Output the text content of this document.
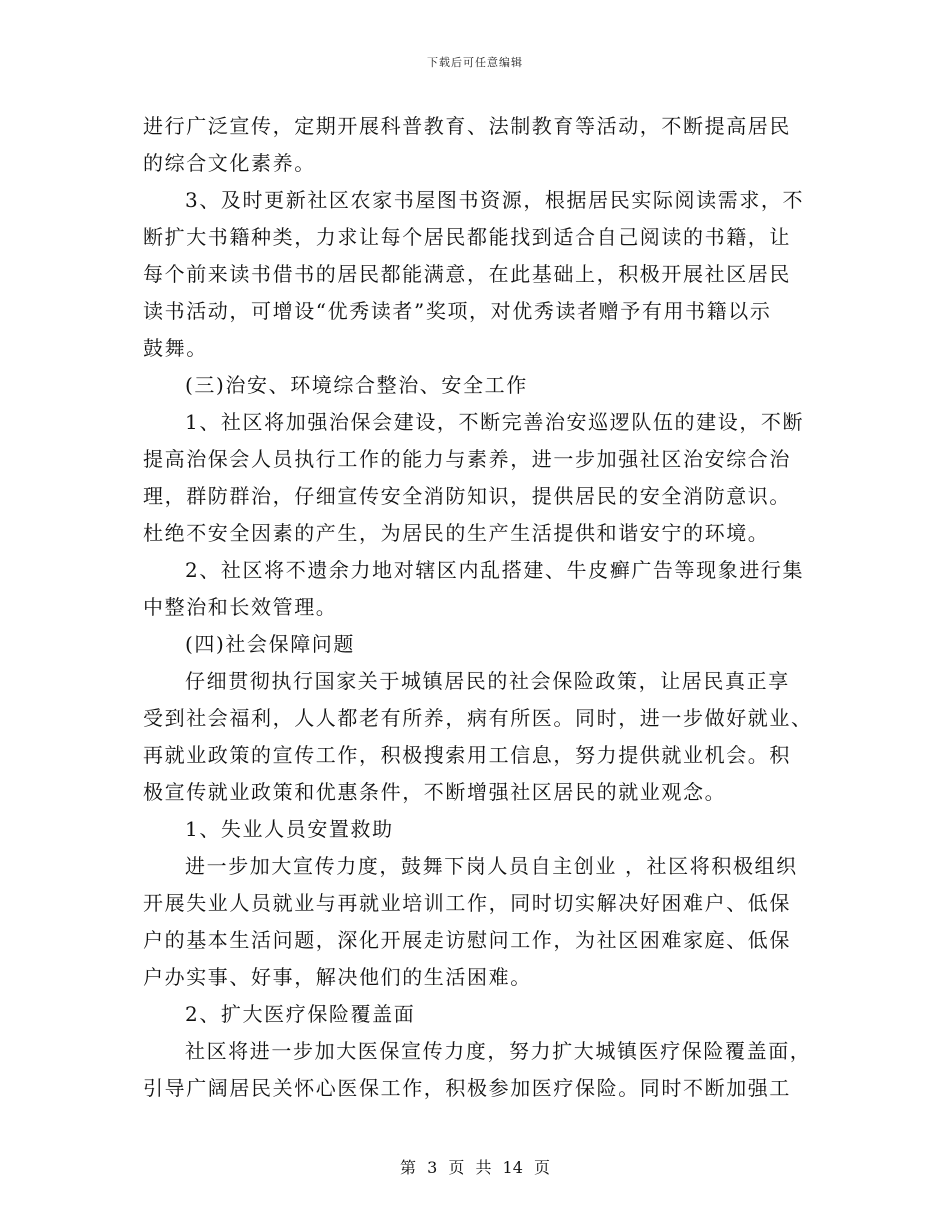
下载后可任意编辑
进行广泛宣传，定期开展科普教育、法制教育等活动，不断提高居民
的综合文化素养。
3、及时更新社区农家书屋图书资源，根据居民实际阅读需求，不
断扩大书籍种类，力求让每个居民都能找到适合自己阅读的书籍，让
每个前来读书借书的居民都能满意，在此基础上，积极开展社区居民
读书活动，可增设“优秀读者”奖项，对优秀读者赠予有用书籍以示
鼓舞。
(三)治安、环境综合整治、安全工作
1、社区将加强治保会建设，不断完善治安巡逻队伍的建设，不断
提高治保会人员执行工作的能力与素养，进一步加强社区治安综合治
理，群防群治，仔细宣传安全消防知识，提供居民的安全消防意识。
杜绝不安全因素的产生，为居民的生产生活提供和谐安宁的环境。
2、社区将不遗余力地对辖区内乱搭建、牛皮癣广告等现象进行集
中整治和长效管理。
(四)社会保障问题
仔细贯彻执行国家关于城镇居民的社会保险政策，让居民真正享
受到社会福利，人人都老有所养，病有所医。同时，进一步做好就业、
再就业政策的宣传工作，积极搜索用工信息，努力提供就业机会。积
极宣传就业政策和优惠条件，不断增强社区居民的就业观念。
1、失业人员安置救助
进一步加大宣传力度，鼓舞下岗人员自主创业 ，社区将积极组织
开展失业人员就业与再就业培训工作，同时切实解决好困难户、低保
户的基本生活问题，深化开展走访慰问工作，为社区困难家庭、低保
户办实事、好事，解决他们的生活困难。
2、扩大医疗保险覆盖面
社区将进一步加大医保宣传力度，努力扩大城镇医疗保险覆盖面，
引导广阔居民关怀心医保工作，积极参加医疗保险。同时不断加强工
第 3 页 共 14 页
